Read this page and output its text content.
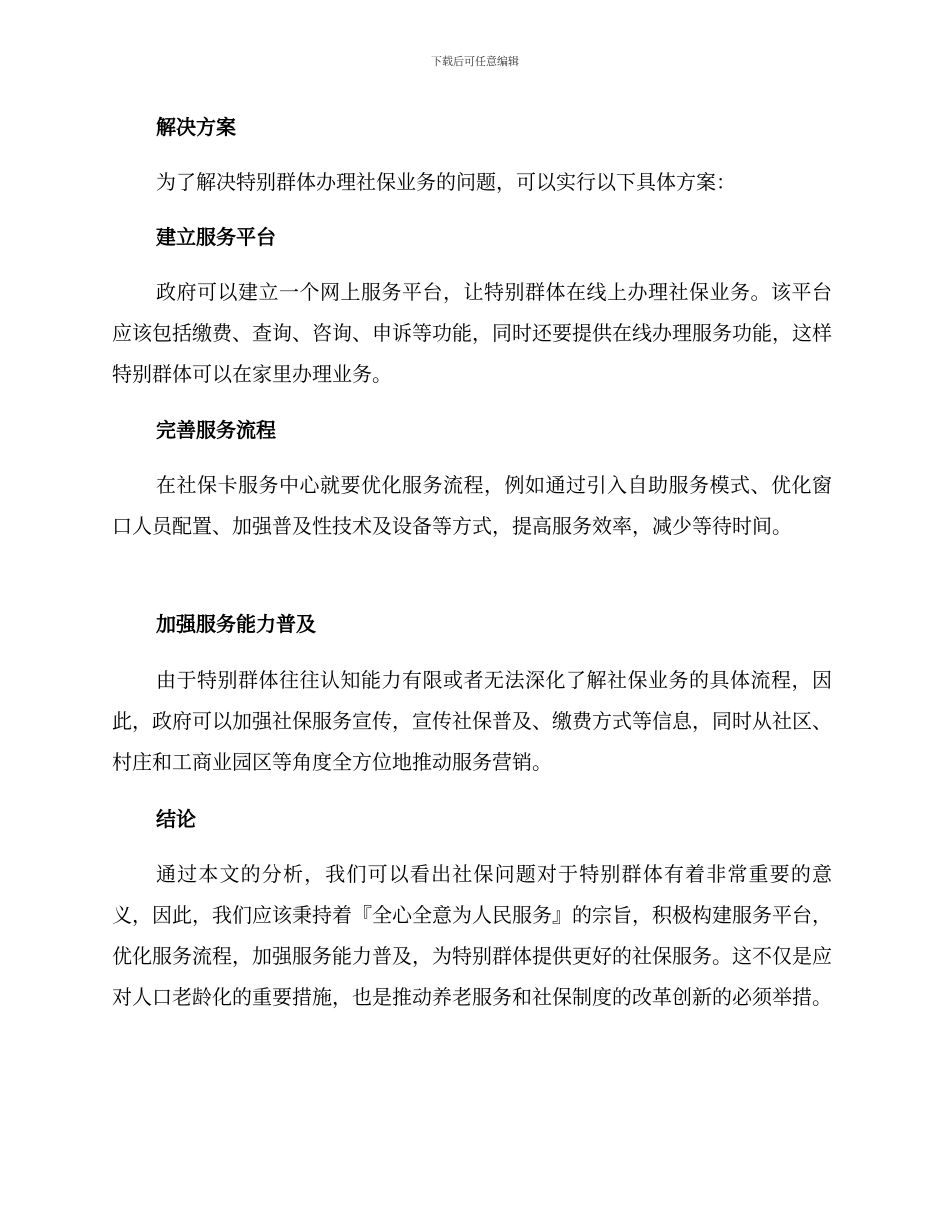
下载后可任意编辑
解决方案

为了解决特别群体办理社保业务的问题，可以实行以下具体方案：

建立服务平台

政府可以建立一个网上服务平台，让特别群体在线上办理社保业务。该平台应该包括缴费、查询、咨询、申诉等功能，同时还要提供在线办理服务功能，这样特别群体可以在家里办理业务。

完善服务流程

在社保卡服务中心就要优化服务流程，例如通过引入自助服务模式、优化窗口人员配置、加强普及性技术及设备等方式，提高服务效率，减少等待时间。

加强服务能力普及

由于特别群体往往认知能力有限或者无法深化了解社保业务的具体流程，因此，政府可以加强社保服务宣传，宣传社保普及、缴费方式等信息，同时从社区、村庄和工商业园区等角度全方位地推动服务营销。

结论

通过本文的分析，我们可以看出社保问题对于特别群体有着非常重要的意义，因此，我们应该秉持着『全心全意为人民服务』的宗旨，积极构建服务平台，优化服务流程，加强服务能力普及，为特别群体提供更好的社保服务。这不仅是应对人口老龄化的重要措施，也是推动养老服务和社保制度的改革创新的必须举措。
